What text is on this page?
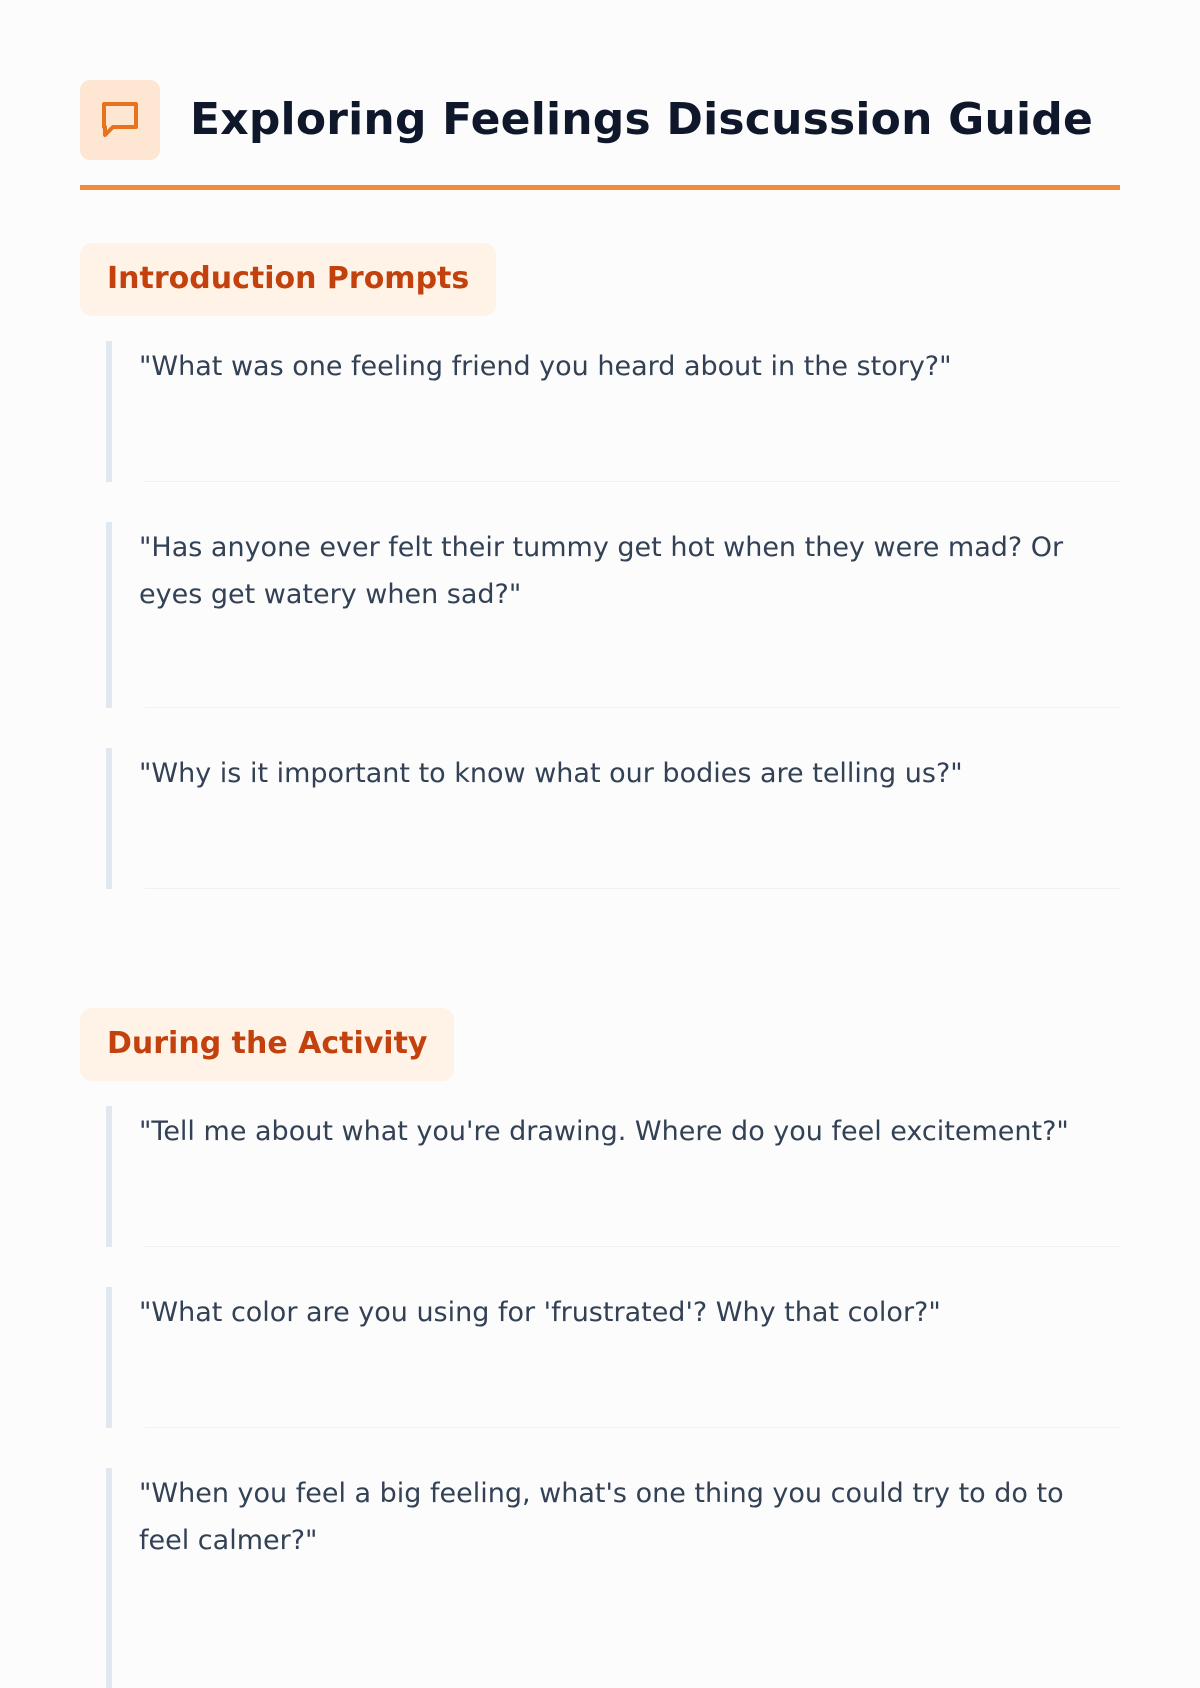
Exploring Feelings Discussion Guide
Introduction Prompts
"What was one feeling friend you heard about in the story?"
"Has anyone ever felt their tummy get hot when they were mad? Or eyes get watery when sad?"
"Why is it important to know what our bodies are telling us?"
During the Activity
"Tell me about what you're drawing. Where do you feel excitement?"
"What color are you using for 'frustrated'? Why that color?"
"When you feel a big feeling, what's one thing you could try to do to feel calmer?"
